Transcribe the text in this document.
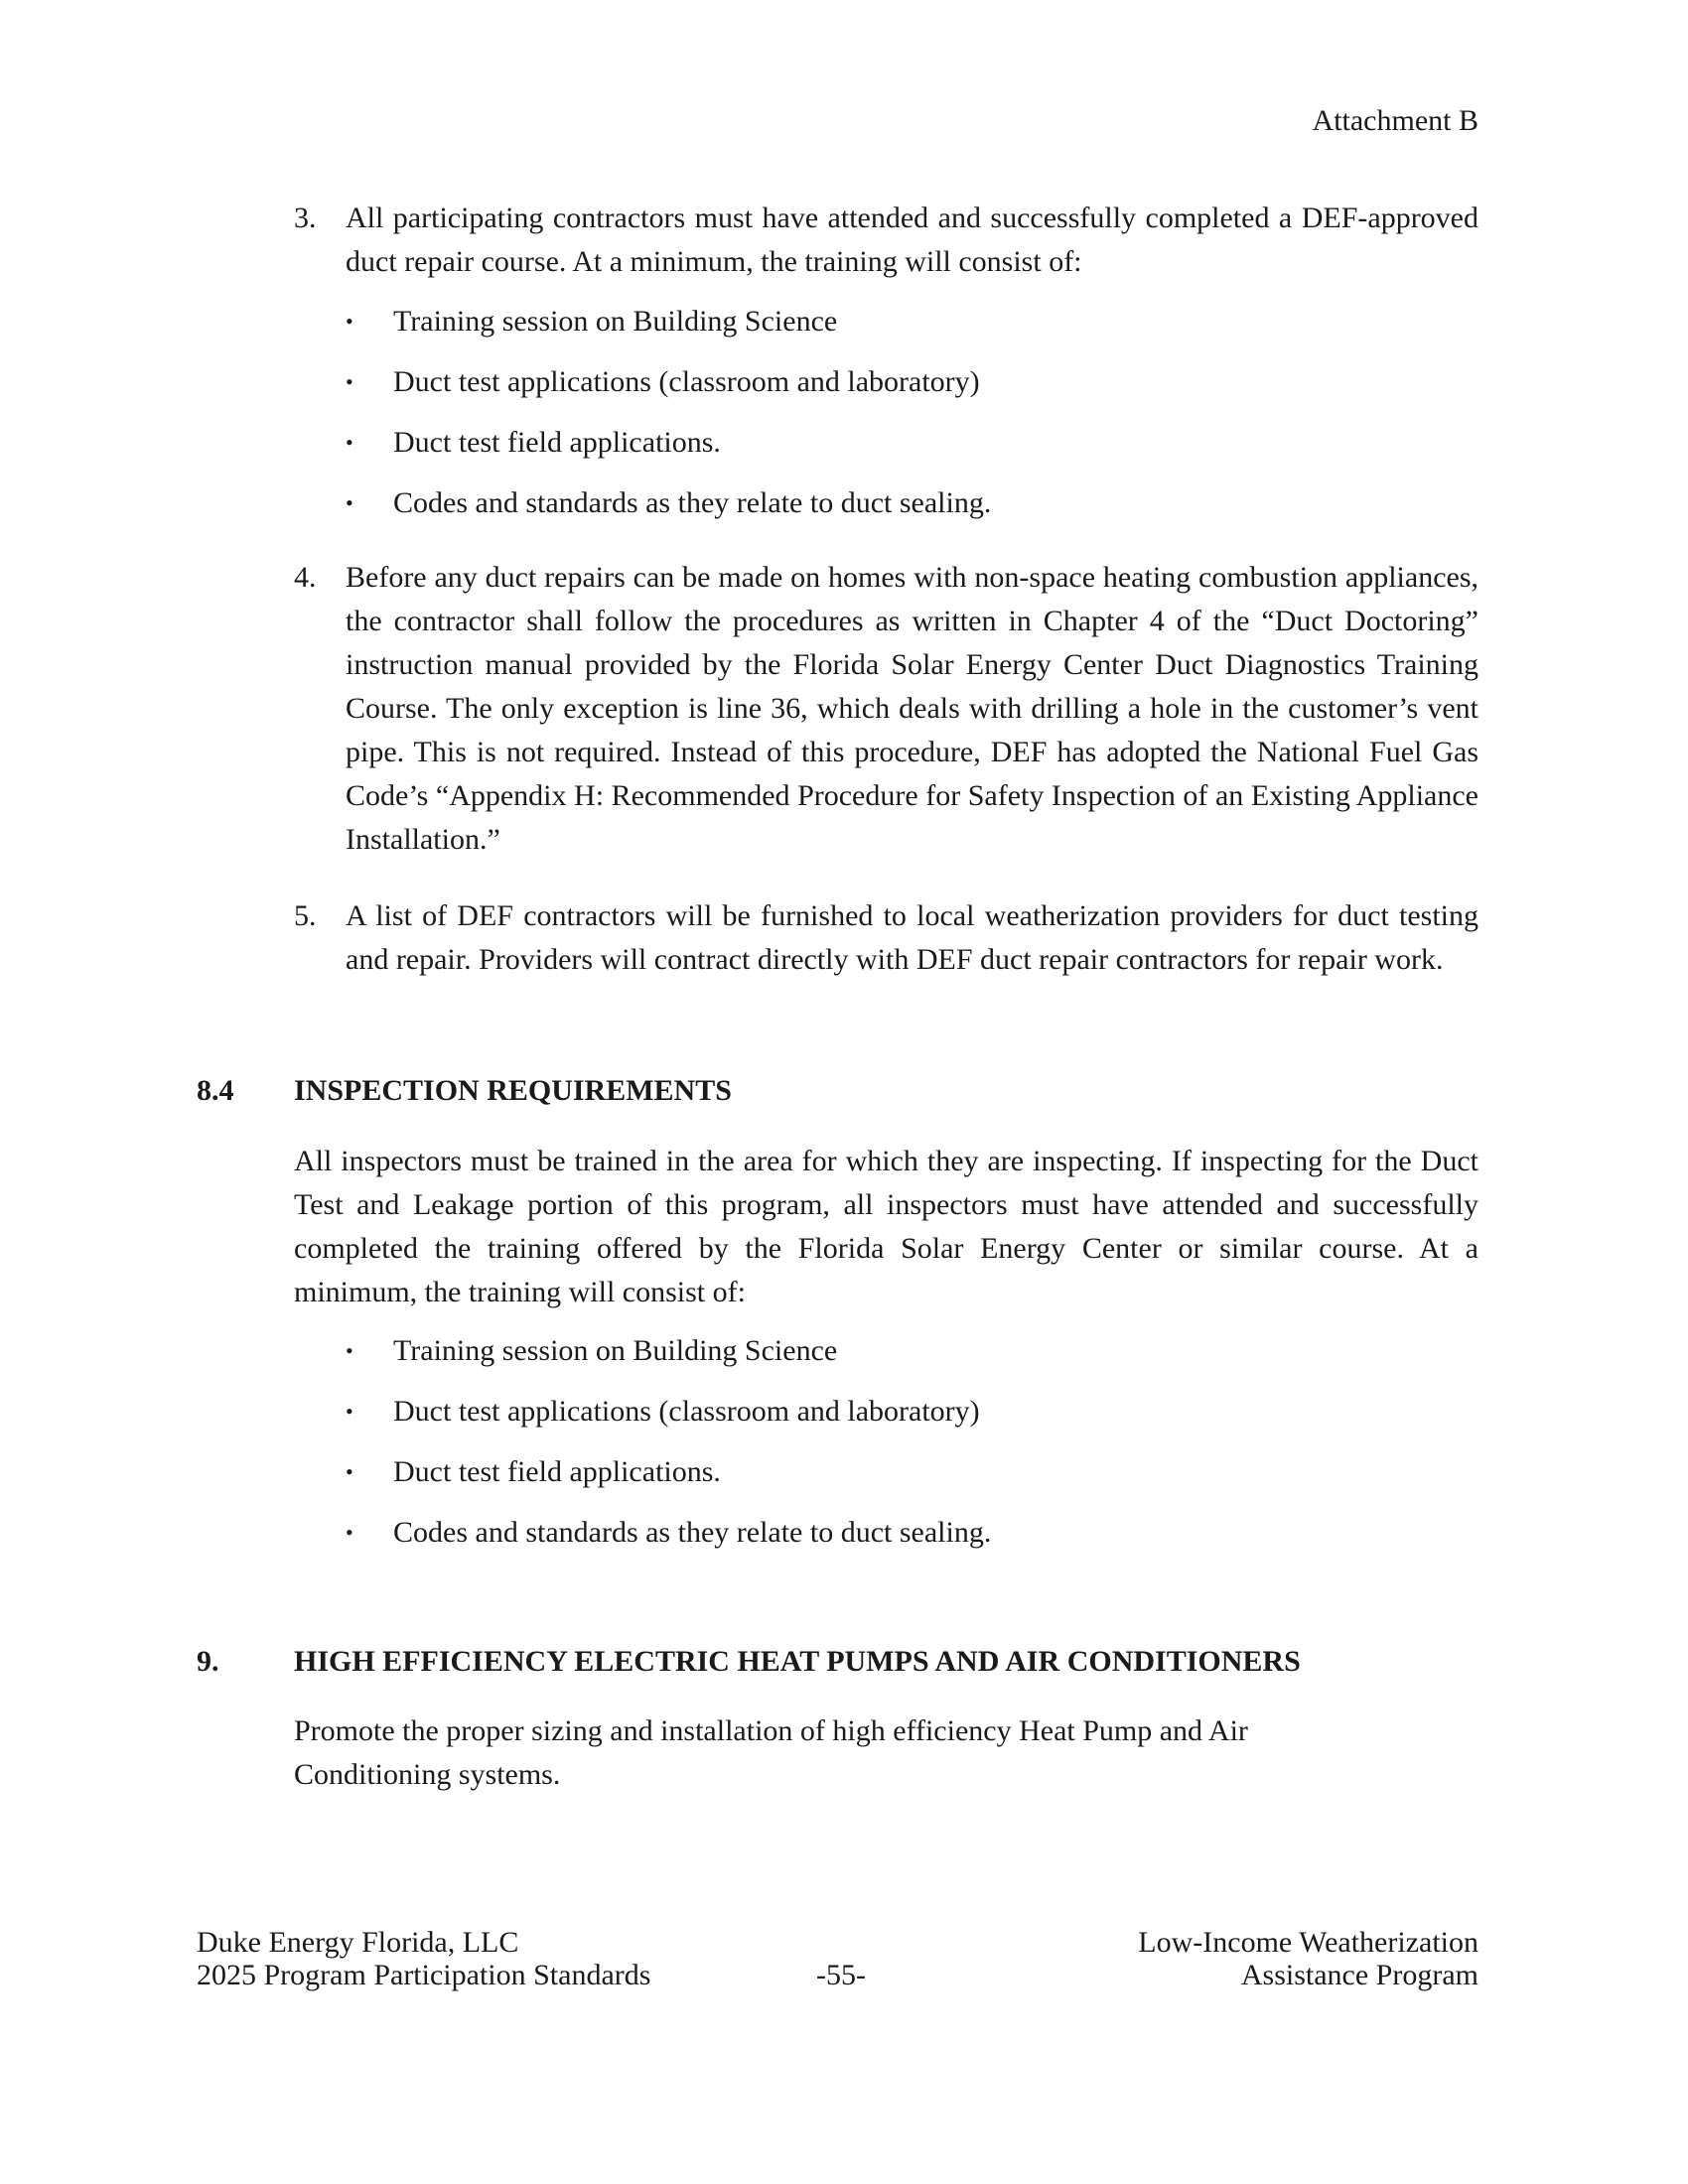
Attachment B
3. All participating contractors must have attended and successfully completed a DEF-approved duct repair course. At a minimum, the training will consist of:
• Training session on Building Science
• Duct test applications (classroom and laboratory)
• Duct test field applications.
• Codes and standards as they relate to duct sealing.
4. Before any duct repairs can be made on homes with non-space heating combustion appliances, the contractor shall follow the procedures as written in Chapter 4 of the “Duct Doctoring” instruction manual provided by the Florida Solar Energy Center Duct Diagnostics Training Course. The only exception is line 36, which deals with drilling a hole in the customer’s vent pipe. This is not required. Instead of this procedure, DEF has adopted the National Fuel Gas Code’s “Appendix H: Recommended Procedure for Safety Inspection of an Existing Appliance Installation.”
5. A list of DEF contractors will be furnished to local weatherization providers for duct testing and repair. Providers will contract directly with DEF duct repair contractors for repair work.
8.4 INSPECTION REQUIREMENTS
All inspectors must be trained in the area for which they are inspecting. If inspecting for the Duct Test and Leakage portion of this program, all inspectors must have attended and successfully completed the training offered by the Florida Solar Energy Center or similar course. At a minimum, the training will consist of:
• Training session on Building Science
• Duct test applications (classroom and laboratory)
• Duct test field applications.
• Codes and standards as they relate to duct sealing.
9.	HIGH EFFICIENCY ELECTRIC HEAT PUMPS AND AIR CONDITIONERS
Promote the proper sizing and installation of high efficiency Heat Pump and Air Conditioning systems.
Duke Energy Florida, LLC
2025 Program Participation Standards	-55-
Low-Income Weatherization
Assistance Program
